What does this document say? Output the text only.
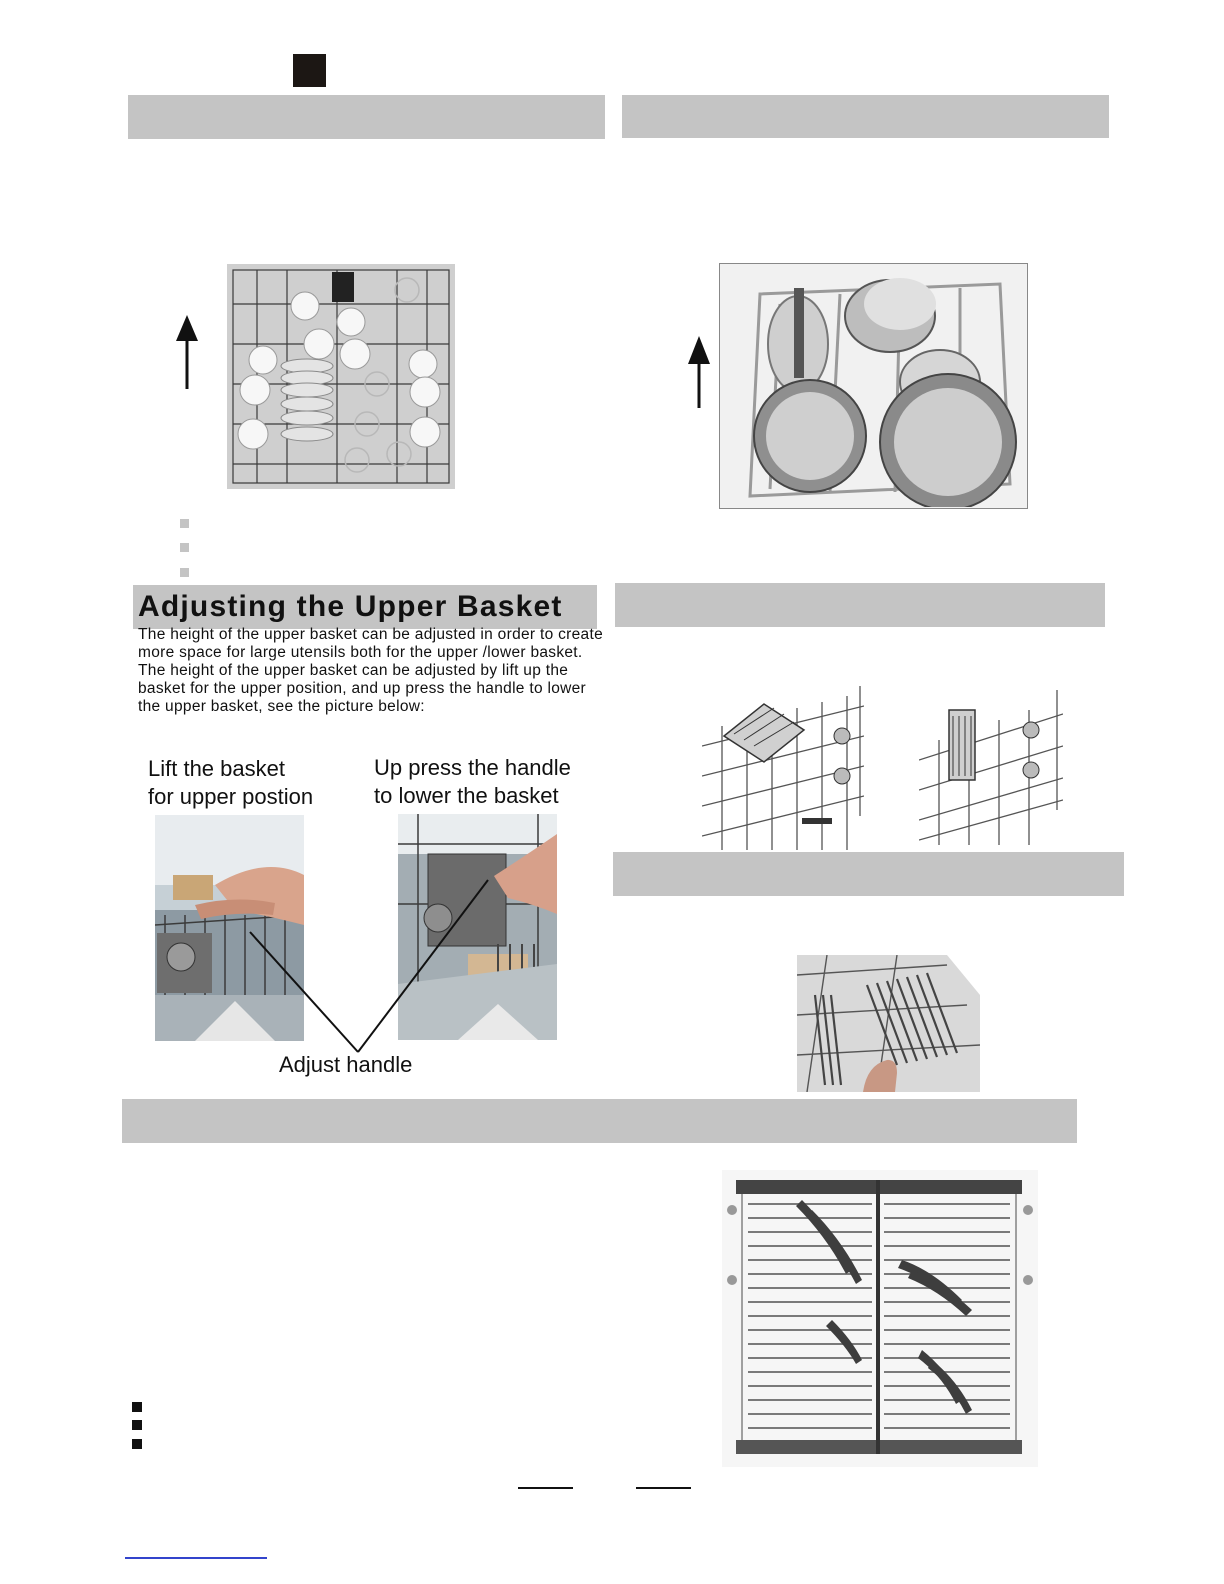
Adjusting the Upper Basket

The height of the upper basket can be adjusted in order to create more space for large utensils both for the upper /lower basket. The height of the upper basket can be adjusted by lift up the basket for the upper position, and up press the handle to lower the upper basket, see the picture below:

Lift the basket

for upper postion

Up press the handle

to lower the basket

Adjust handle
